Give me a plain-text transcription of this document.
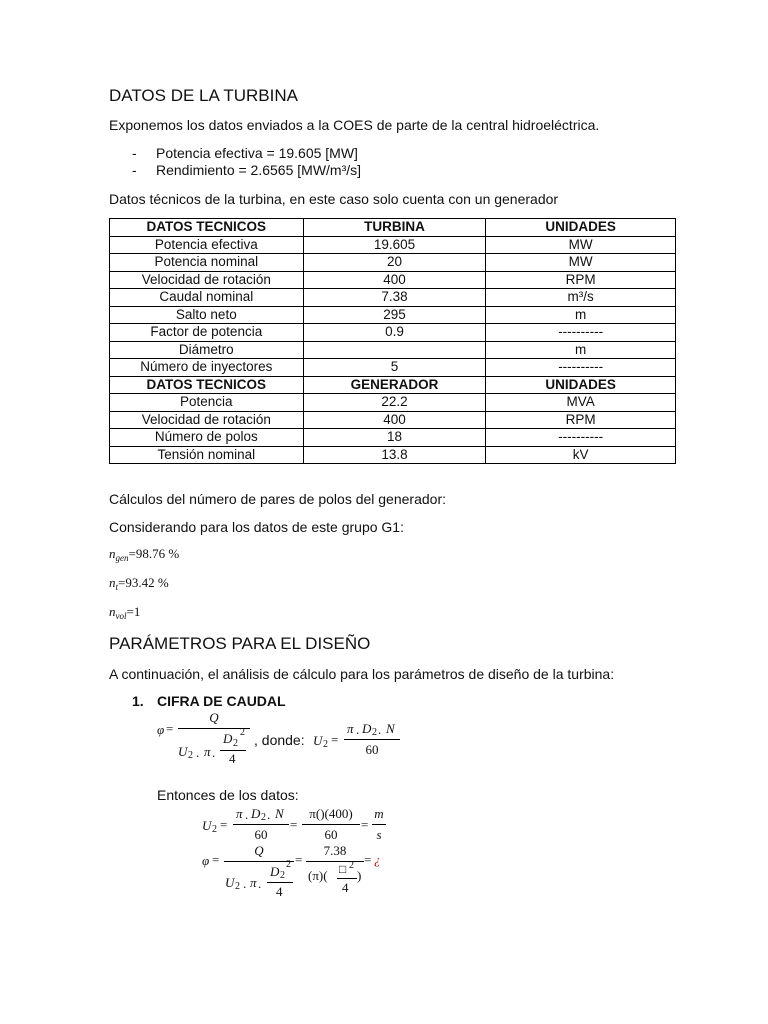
DATOS DE LA TURBINA
Exponemos los datos enviados a la COES de parte de la central hidroeléctrica.
- Potencia efectiva = 19.605 [MW]
- Rendimiento = 2.6565 [MW/m³/s]
Datos técnicos de la turbina, en este caso solo cuenta con un generador
DATOS TECNICOS	TURBINA	UNIDADES
Potencia efectiva	19.605	MW
Potencia nominal	20	MW
Velocidad de rotación	400	RPM
Caudal nominal	7.38	m³/s
Salto neto	295	m
Factor de potencia	0.9	----------
Diámetro		m
Número de inyectores	5	----------
DATOS TECNICOS	GENERADOR	UNIDADES
Potencia	22.2	MVA
Velocidad de rotación	400	RPM
Número de polos	18	----------
Tensión nominal	13.8	kV
Cálculos del número de pares de polos del generador:
Considerando para los datos de este grupo G1:
$n_{gen}=98.76$ %
$n_t=93.42$ %
$n_{vol}=1$
PARÁMETROS PARA EL DISEÑO
A continuación, el análisis de cálculo para los parámetros de diseño de la turbina:
1. CIFRA DE CAUDAL
φ =
Q
U 2 . π .
D 2
2
4
, donde: U 2 =
π . D 2 . N
60
Entonces de los datos:
U 2 =
π . D 2 . N
60
=
π()(400)
60
=
m
s
φ =
Q
U 2 . π .
D 2
2
4
=
7.38
(π)( □ 2
4
)
= ¿
